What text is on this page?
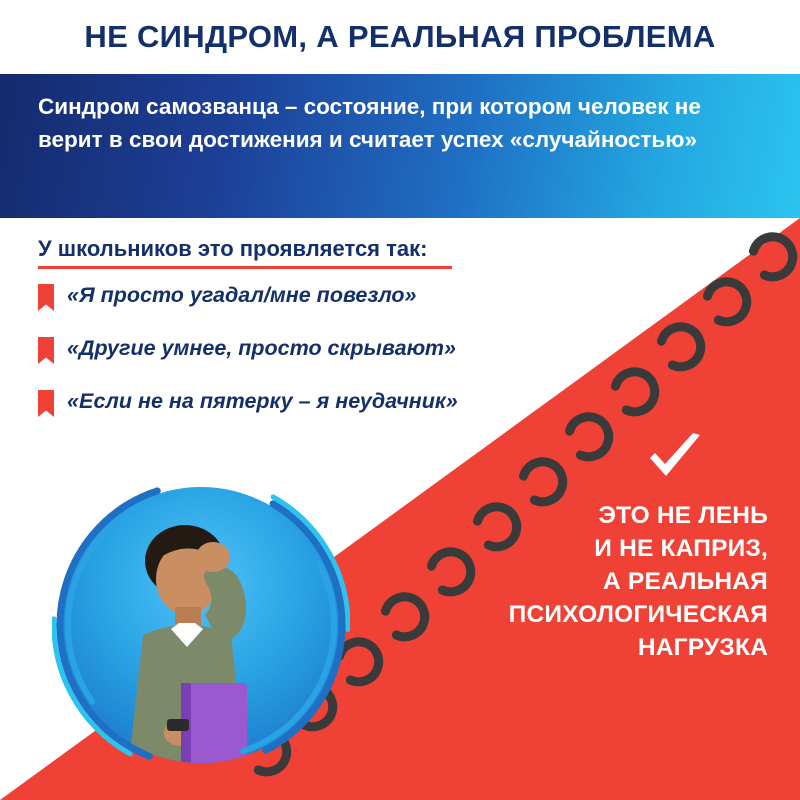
НЕ СИНДРОМ, А РЕАЛЬНАЯ ПРОБЛЕМА
Синдром самозванца – состояние, при котором человек не верит в свои достижения и считает успех «случайностью»
У школьников это проявляется так:
«Я просто угадал/мне повезло»
«Другие умнее, просто скрывают»
«Если не на пятерку – я неудачник»
ЭТО НЕ ЛЕНЬ
И НЕ КАПРИЗ,
А РЕАЛЬНАЯ
ПСИХОЛОГИЧЕСКАЯ
НАГРУЗКА
